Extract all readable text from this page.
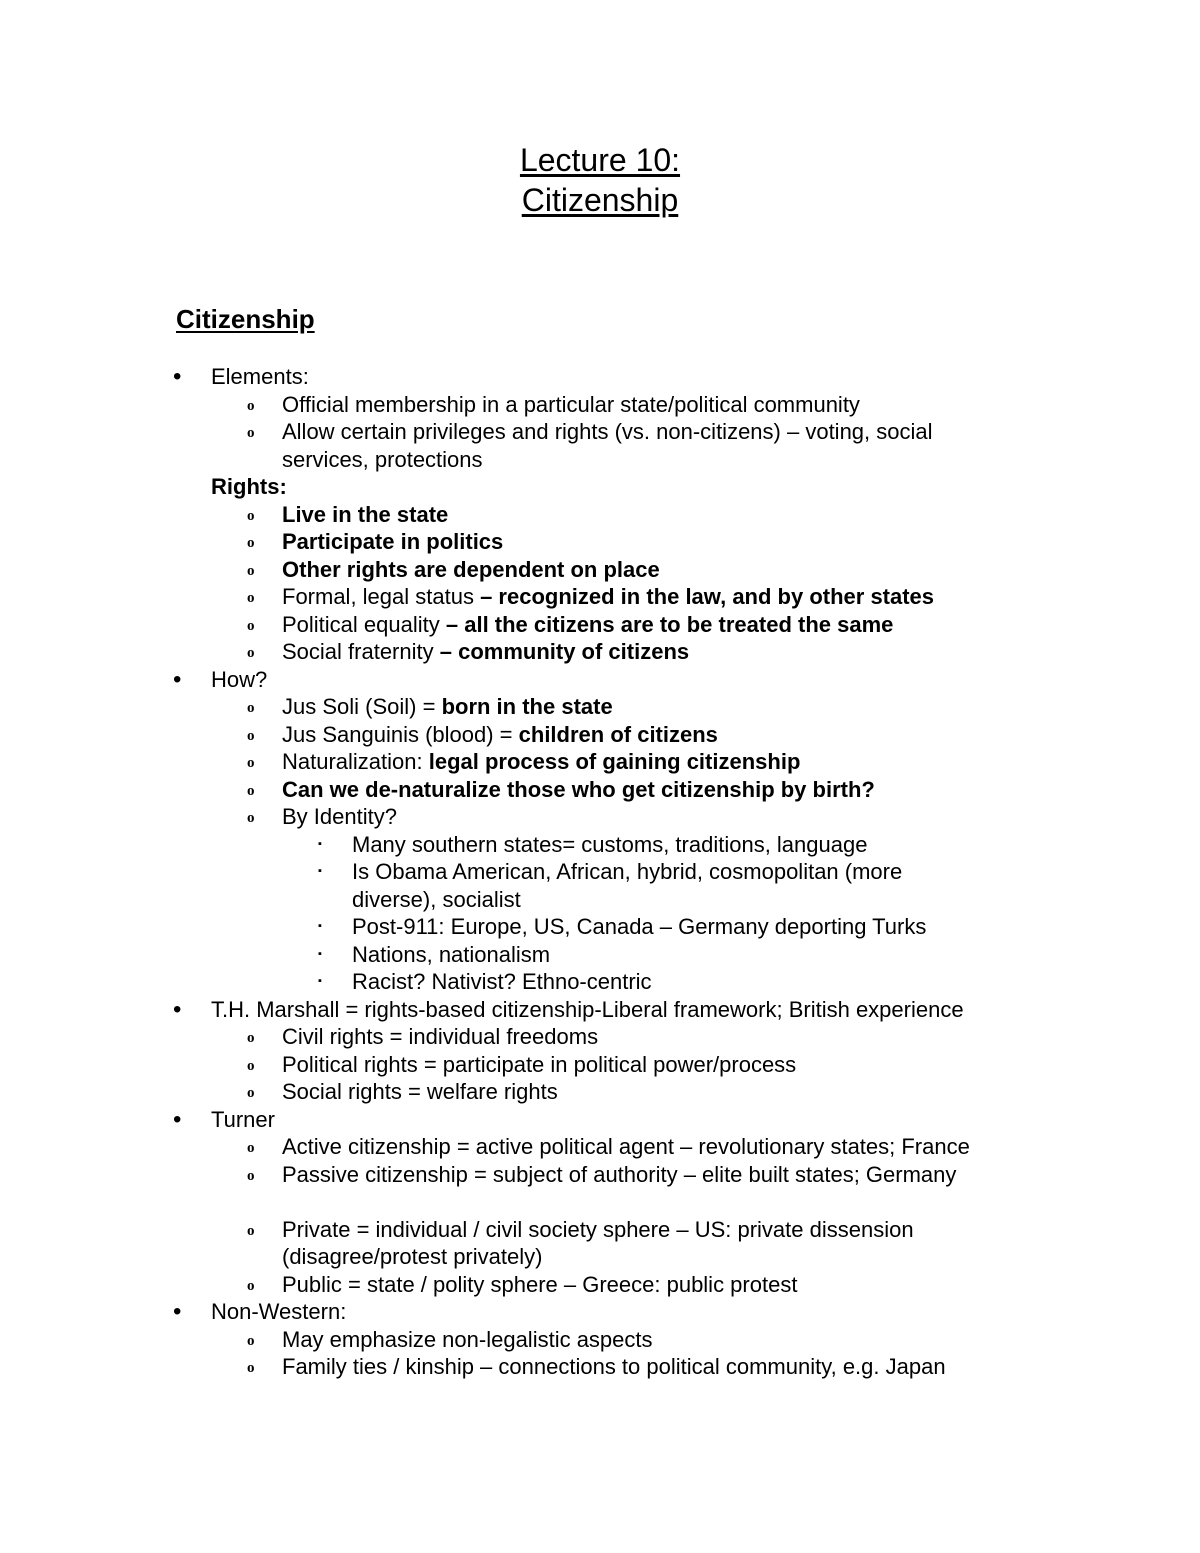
Lecture 10:
Citizenship
Citizenship
• Elements:
o Official membership in a particular state/political community
o Allow certain privileges and rights (vs. non-citizens) – voting, social
services, protections
Rights:
o Live in the state
o Participate in politics
o Other rights are dependent on place
o Formal, legal status – recognized in the law, and by other states
o Political equality – all the citizens are to be treated the same
o Social fraternity – community of citizens
• How?
o Jus Soli (Soil) = born in the state
o Jus Sanguinis (blood) = children of citizens
o Naturalization: legal process of gaining citizenship
o Can we de-naturalize those who get citizenship by birth?
o By Identity?
▪ Many southern states= customs, traditions, language
▪ Is Obama American, African, hybrid, cosmopolitan (more
diverse), socialist
▪ Post-911: Europe, US, Canada – Germany deporting Turks
▪ Nations, nationalism
▪ Racist? Nativist? Ethno-centric
• T.H. Marshall = rights-based citizenship-Liberal framework; British experience
o Civil rights = individual freedoms
o Political rights = participate in political power/process
o Social rights = welfare rights
• Turner
o Active citizenship = active political agent – revolutionary states; France
o Passive citizenship = subject of authority – elite built states; Germany
o Private = individual / civil society sphere – US: private dissension
(disagree/protest privately)
o Public = state / polity sphere – Greece: public protest
• Non-Western:
o May emphasize non-legalistic aspects
o Family ties / kinship – connections to political community, e.g. Japan
